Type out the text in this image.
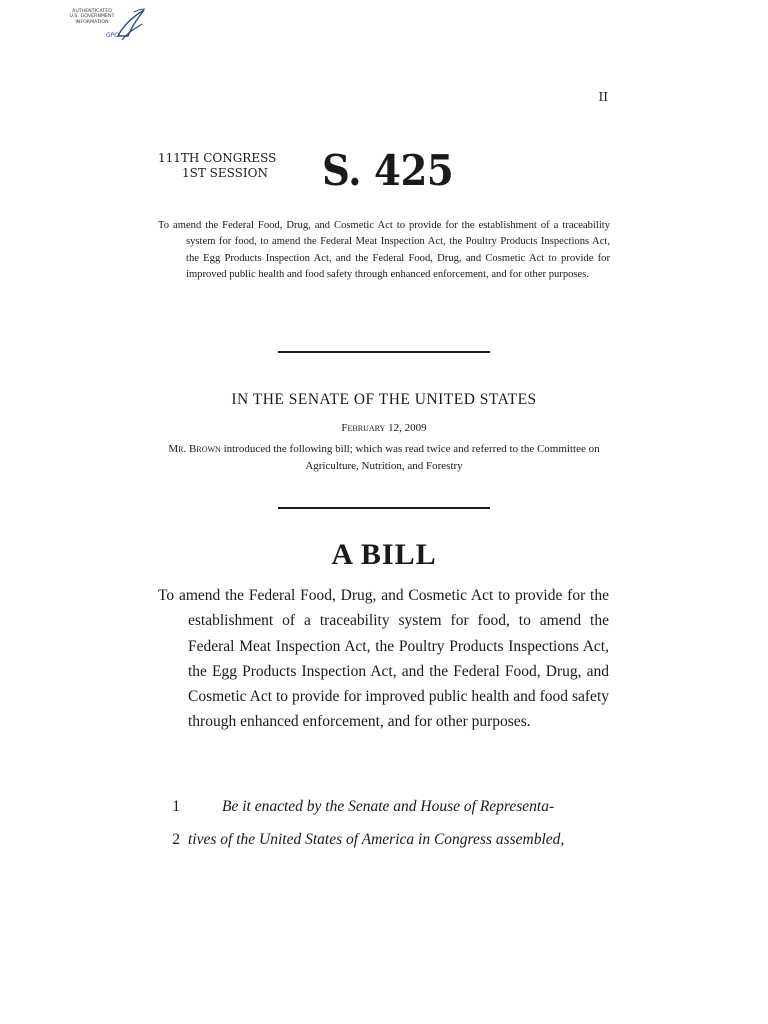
AUTHENTICATED
U.S. GOVERNMENT
INFORMATION
GPO
II
111TH CONGRESS
1ST SESSION S. 425
To amend the Federal Food, Drug, and Cosmetic Act to provide for the establishment of a traceability system for food, to amend the Federal Meat Inspection Act, the Poultry Products Inspections Act, the Egg Products Inspection Act, and the Federal Food, Drug, and Cosmetic Act to provide for improved public health and food safety through enhanced enforcement, and for other purposes.
IN THE SENATE OF THE UNITED STATES
February 12, 2009
Mr. Brown introduced the following bill; which was read twice and referred to the Committee on Agriculture, Nutrition, and Forestry
A BILL
To amend the Federal Food, Drug, and Cosmetic Act to provide for the establishment of a traceability system for food, to amend the Federal Meat Inspection Act, the Poultry Products Inspections Act, the Egg Products Inspection Act, and the Federal Food, Drug, and Cosmetic Act to provide for improved public health and food safety through enhanced enforcement, and for other purposes.
1	Be it enacted by the Senate and House of Representa-
2 tives of the United States of America in Congress assembled,
